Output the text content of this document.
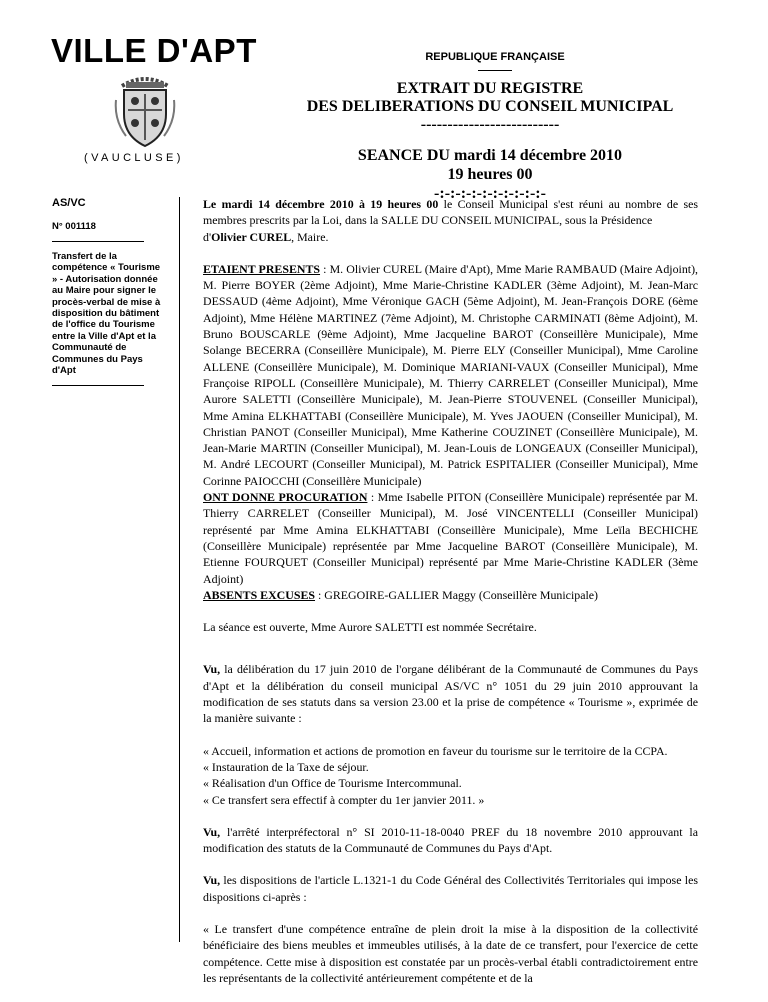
VILLE D'APT
(VAUCLUSE)
REPUBLIQUE FRANÇAISE
EXTRAIT DU REGISTRE
DES DELIBERATIONS DU CONSEIL MUNICIPAL
--------------------------
SEANCE DU mardi 14 décembre 2010
19 heures 00
-:-:-:-:-:-:-:-:-:-:-
AS/VC
N° 001118
Transfert de la compétence « Tourisme » - Autorisation donnée au Maire pour signer le procès-verbal de mise à disposition du bâtiment de l'office du Tourisme entre la Ville d'Apt et la Communauté de Communes du Pays d'Apt

Le mardi 14 décembre 2010 à 19 heures 00 le Conseil Municipal s'est réuni au nombre de ses membres prescrits par la Loi, dans la SALLE DU CONSEIL MUNICIPAL, sous la Présidence
d'Olivier CUREL, Maire.

ETAIENT PRESENTS : M. Olivier CUREL (Maire d'Apt), Mme Marie RAMBAUD (Maire Adjoint), M. Pierre BOYER (2ème Adjoint), Mme Marie-Christine KADLER (3ème Adjoint), M. Jean-Marc DESSAUD (4ème Adjoint), Mme Véronique GACH (5ème Adjoint), M. Jean-François DORE (6ème Adjoint), Mme Hélène MARTINEZ (7ème Adjoint), M. Christophe CARMINATI (8ème Adjoint), M. Bruno BOUSCARLE (9ème Adjoint), Mme Jacqueline BAROT (Conseillère Municipale), Mme Solange BECERRA (Conseillère Municipale), M. Pierre ELY (Conseiller Municipal), Mme Caroline ALLENE (Conseillère Municipale), M. Dominique MARIANI-VAUX (Conseiller Municipal), Mme Françoise RIPOLL (Conseillère Municipale), M. Thierry CARRELET (Conseiller Municipal), Mme Aurore SALETTI (Conseillère Municipale), M. Jean-Pierre STOUVENEL (Conseiller Municipal), Mme Amina ELKHATTABI (Conseillère Municipale), M. Yves JAOUEN (Conseiller Municipal), M. Christian PANOT (Conseiller Municipal), Mme Katherine COUZINET (Conseillère Municipale), M. Jean-Marie MARTIN (Conseiller Municipal), M. Jean-Louis de LONGEAUX (Conseiller Municipal), M. André LECOURT (Conseiller Municipal), M. Patrick ESPITALIER (Conseiller Municipal), Mme Corinne PAIOCCHI (Conseillère Municipale)

ONT DONNE PROCURATION : Mme Isabelle PITON (Conseillère Municipale) représentée par M. Thierry CARRELET (Conseiller Municipal), M. José VINCENTELLI (Conseiller Municipal) représenté par Mme Amina ELKHATTABI (Conseillère Municipale), Mme Leïla BECHICHE (Conseillère Municipale) représentée par Mme Jacqueline BAROT (Conseillère Municipale), M. Etienne FOURQUET (Conseiller Municipal) représenté par Mme Marie-Christine KADLER (3ème Adjoint)

ABSENTS EXCUSES : GREGOIRE-GALLIER Maggy (Conseillère Municipale)

La séance est ouverte, Mme Aurore SALETTI est nommée Secrétaire.

Vu, la délibération du 17 juin 2010 de l'organe délibérant de la Communauté de Communes du Pays d'Apt et la délibération du conseil municipal AS/VC n° 1051 du 29 juin 2010 approuvant la modification de ses statuts dans sa version 23.00 et la prise de compétence « Tourisme », exprimée de la manière suivante :

« Accueil, information et actions de promotion en faveur du tourisme sur le territoire de la CCPA.
« Instauration de la Taxe de séjour.
« Réalisation d'un Office de Tourisme Intercommunal.
« Ce transfert sera effectif à compter du 1er janvier 2011. »

Vu, l'arrêté interpréfectoral n° SI 2010-11-18-0040 PREF du 18 novembre 2010 approuvant la modification des statuts de la Communauté de Communes du Pays d'Apt.

Vu, les dispositions de l'article L.1321-1 du Code Général des Collectivités Territoriales qui impose les dispositions ci-après :

« Le transfert d'une compétence entraîne de plein droit la mise à la disposition de la collectivité bénéficiaire des biens meubles et immeubles utilisés, à la date de ce transfert, pour l'exercice de cette compétence. Cette mise à disposition est constatée par un procès-verbal établi contradictoirement entre les représentants de la collectivité antérieurement compétente et de la
